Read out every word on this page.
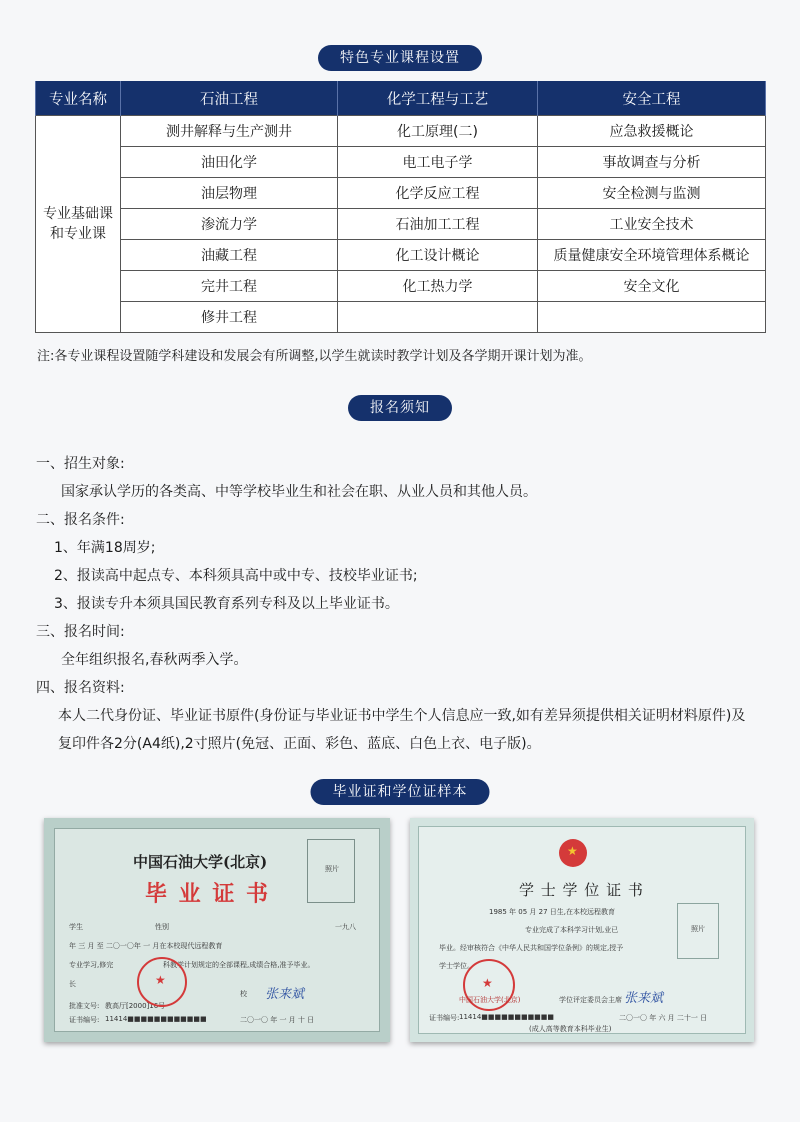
特色专业课程设置
专业名称	石油工程	化学工程与工艺	安全工程

专业基础课
和专业课	测井解释与生产测井	化工原理(二)	应急救援概论
	油田化学	电工电子学	事故调查与分析
	油层物理	化学反应工程	安全检测与监测
	渗流力学	石油加工工程	工业安全技术
	油藏工程	化工设计概论	质量健康安全环境管理体系概论
	完井工程	化工热力学	安全文化
	修井工程		
注:各专业课程设置随学科建设和发展会有所调整,以学生就读时教学计划及各学期开课计划为准。
报名须知
一、招生对象:
国家承认学历的各类高、中等学校毕业生和社会在职、从业人员和其他人员。
二、报名条件:
1、年满18周岁;
2、报读高中起点专、本科须具高中或中专、技校毕业证书;
3、报读专升本须具国民教育系列专科及以上毕业证书。
三、报名时间:
全年组织报名,春秋两季入学。
四、报名资料:
本人二代身份证、毕业证书原件(身份证与毕业证书中学生个人信息应一致,如有差异须提供相关证明材料原件)及
复印件各2分(A4纸),2寸照片(免冠、正面、彩色、蓝底、白色上衣、电子版)。
毕业证和学位证样本
中国石油大学(北京)
毕 业 证 书
照片
学生	性别	一九八
年 三 月 至 二〇一〇年 一 月在本校现代远程教育
专业学习,修完	科教学计划规定的全部课程,成绩合格,准予毕业。
长
校 张来斌
批准文号: 教高厅[2000]16号
证书编号: 11414■■■■■■■■■■■■	二〇一〇 年 一 月 十 日
★
★
学 士 学 位 证 书
照片
1985 年 05 月 27 日生,在本校远程教育
专业完成了本科学习计划,业已
毕业。经审核符合《中华人民共和国学位条例》的规定,授予
学士学位。
★
中国石油大学(北京)	学位评定委员会主席 张来斌
证书编号: 11414■■■■■■■■■■■	二〇一〇 年 六 月 二十一 日
(成人高等教育本科毕业生)
